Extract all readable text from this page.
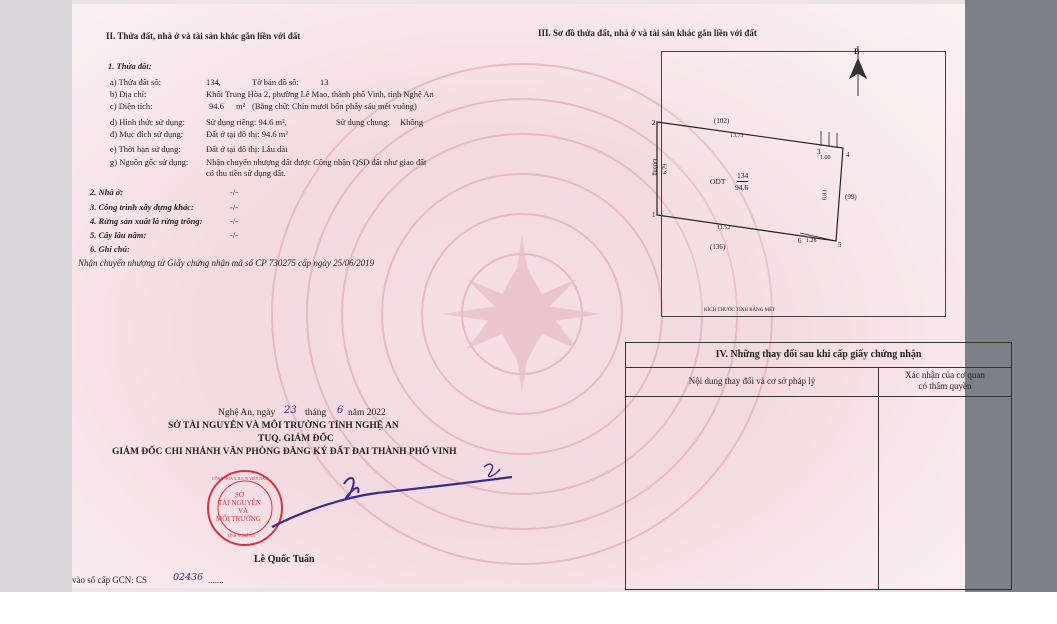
II. Thửa đất, nhà ở và tài sản khác gắn liền với đất
1. Thửa đất:
a) Thửa đất số:	134,	Tờ bản đồ số: 13
b) Địa chỉ:	Khối Trung Hòa 2, phường Lê Mao, thành phố Vinh, tỉnh Nghệ An
c) Diện tích:	94.6 m² (Bằng chữ: Chín mươi bốn phẩy sáu mét vuông)
d) Hình thức sử dụng: Sử dụng riêng: 94.6 m²,	Sử dụng chung: Không
đ) Mục đích sử dụng:	Đất ở tại đô thị: 94.6 m²
e) Thời hạn sử dụng:	Đất ở tại đô thị: Lâu dài
g) Nguồn gốc sử dụng: Nhận chuyển nhượng đất được Công nhận QSD đất như giao đất
có thu tiền sử dụng đất.
2. Nhà ở:	-/-
3. Công trình xây dựng khác:	-/-
4. Rừng sản xuất là rừng trồng:	-/-
5. Cây lâu năm:	-/-
6. Ghi chú:
Nhận chuyển nhượng từ Giấy chứng nhận mã số CP 730275 cấp ngày 25/06/2019
III. Sơ đồ thửa đất, nhà ở và tài sản khác gắn liền với đất
2
1
3	4
5
6
(102)
(99)
(136)
Đường 6.79
6.83
13.73
11.52
1.00
1.28
ODT
134
94.6
B
KÍCH THƯỚC TÍNH BẰNG MÉT
IV. Những thay đổi sau khi cấp giấy chứng nhận
Nội dung thay đổi và cơ sở pháp lý
Xác nhận của cơ quan
có thẩm quyền
Nghệ An, ngày 23 tháng 6 năm 2022
SỞ TÀI NGUYÊN VÀ MÔI TRƯỜNG TỈNH NGHỆ AN
TUQ. GIÁM ĐỐC
GIÁM ĐỐC CHI NHÁNH VĂN PHÒNG ĐĂNG KÝ ĐẤT ĐAI THÀNH PHỐ VINH
SỞ
TÀI NGUYÊN
VÀ
MÔI TRƯỜNG
CỘNG HÒA X.H.C.N VIỆT NAM
TỈNH NGHỆ AN
Lê Quốc Tuấn
vào sổ cấp GCN: CS	02436 .......
